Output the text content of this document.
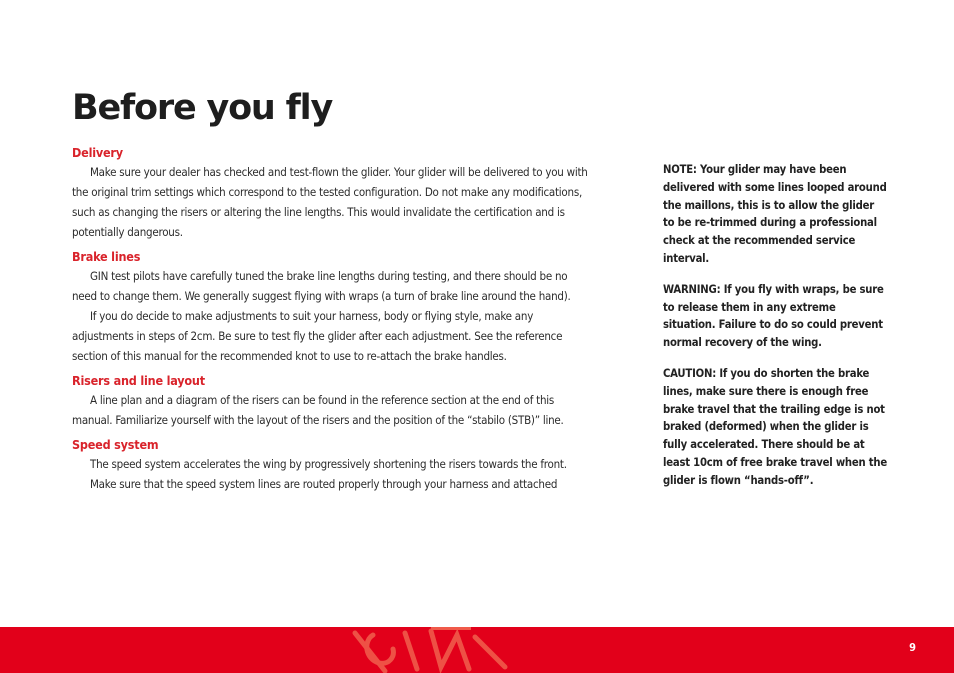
Before you fly
Delivery

Make sure your dealer has checked and test-flown the glider. Your glider will be delivered to you with the original trim settings which correspond to the tested configuration. Do not make any modifications, such as changing the risers or altering the line lengths. This would invalidate the certification and is potentially dangerous.

Brake lines

GIN test pilots have carefully tuned the brake line lengths during testing, and there should be no need to change them. We generally suggest flying with wraps (a turn of brake line around the hand).

If you do decide to make adjustments to suit your harness, body or flying style, make any adjustments in steps of 2cm. Be sure to test fly the glider after each adjustment. See the reference section of this manual for the recommended knot to use to re-attach the brake handles.

Risers and line layout

A line plan and a diagram of the risers can be found in the reference section at the end of this manual. Familiarize yourself with the layout of the risers and the position of the “stabilo (STB)” line.

Speed system

The speed system accelerates the wing by progressively shortening the risers towards the front.

Make sure that the speed system lines are routed properly through your harness and attached

NOTE: Your glider may have been delivered with some lines looped around the maillons, this is to allow the glider to be re-trimmed during a professional check at the recommended service interval.

WARNING: If you fly with wraps, be sure to release them in any extreme situation. Failure to do so could prevent normal recovery of the wing.

CAUTION: If you do shorten the brake lines, make sure there is enough free brake travel that the trailing edge is not braked (deformed) when the glider is fully accelerated. There should be at least 10cm of free brake travel when the glider is flown “hands-off”.

9
